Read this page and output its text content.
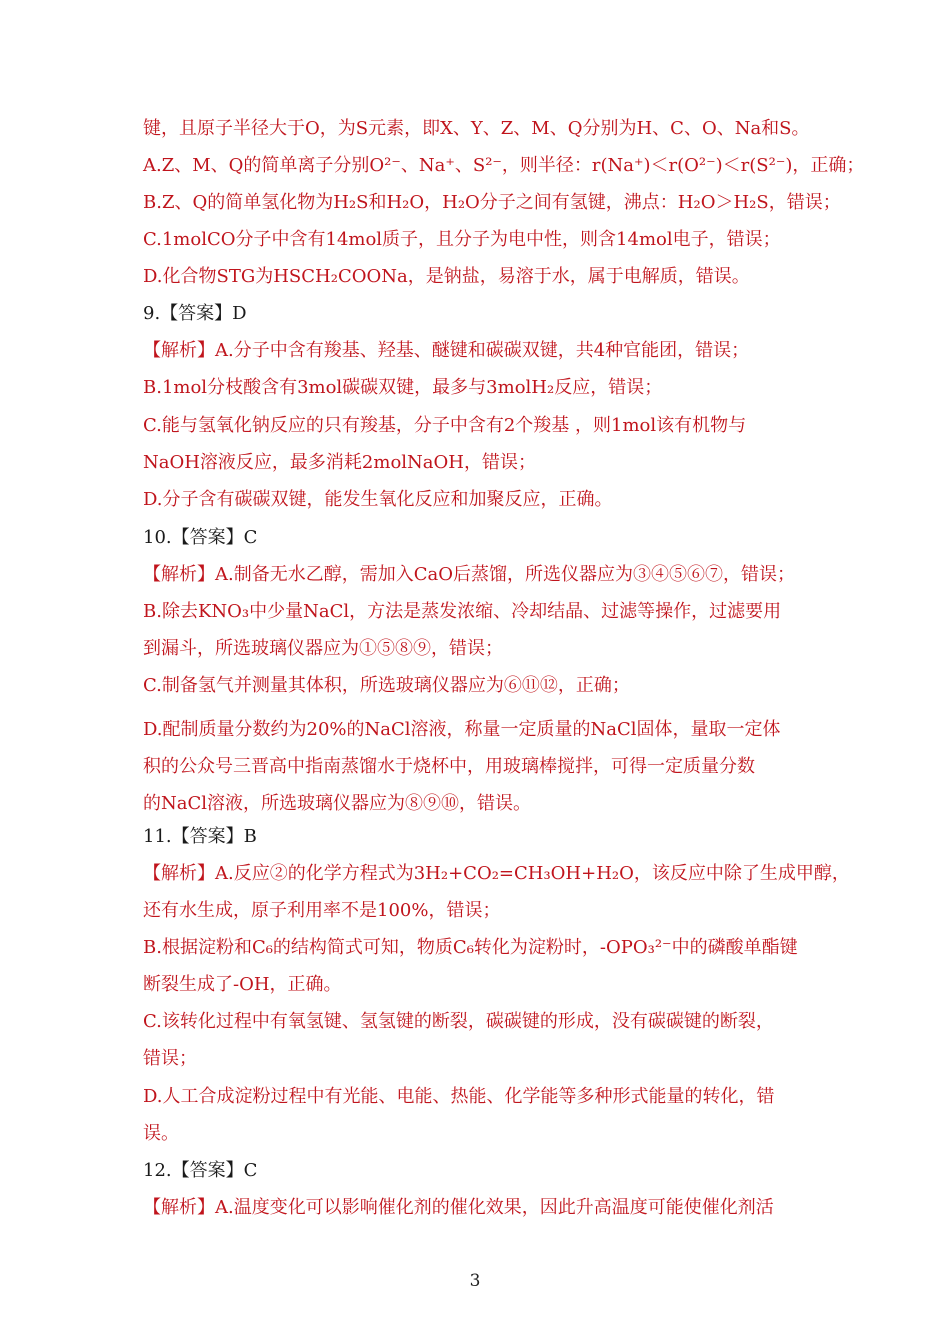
键，且原子半径大于O，为S元素，即X、Y、Z、M、Q分别为H、C、O、Na和S。
A.Z、M、Q的简单离子分别O²⁻、Na⁺、S²⁻，则半径：r(Na⁺)＜r(O²⁻)＜r(S²⁻)，正确；
B.Z、Q的简单氢化物为H₂S和H₂O，H₂O分子之间有氢键，沸点：H₂O＞H₂S，错误；
C.1molCO分子中含有14mol质子，且分子为电中性，则含14mol电子，错误；
D.化合物STG为HSCH₂COONa，是钠盐，易溶于水，属于电解质，错误。
9.【答案】D
【解析】A.分子中含有羧基、羟基、醚键和碳碳双键，共4种官能团，错误；
B.1mol分枝酸含有3mol碳碳双键，最多与3molH₂反应，错误；
C.能与氢氧化钠反应的只有羧基，分子中含有2个羧基 ，则1mol该有机物与
NaOH溶液反应，最多消耗2molNaOH，错误；
D.分子含有碳碳双键，能发生氧化反应和加聚反应，正确。
10.【答案】C
【解析】A.制备无水乙醇，需加入CaO后蒸馏，所选仪器应为③④⑤⑥⑦，错误；
B.除去KNO₃中少量NaCl，方法是蒸发浓缩、冷却结晶、过滤等操作，过滤要用
到漏斗，所选玻璃仪器应为①⑤⑧⑨，错误；
C.制备氢气并测量其体积，所选玻璃仪器应为⑥⑪⑫，正确；
D.配制质量分数约为20%的NaCl溶液，称量一定质量的NaCl固体，量取一定体
积的公众号三晋高中指南蒸馏水于烧杯中，用玻璃棒搅拌，可得一定质量分数
的NaCl溶液，所选玻璃仪器应为⑧⑨⑩，错误。
11.【答案】B
【解析】A.反应②的化学方程式为3H₂+CO₂=CH₃OH+H₂O，该反应中除了生成甲醇，
还有水生成，原子利用率不是100%，错误；
B.根据淀粉和C₆的结构简式可知，物质C₆转化为淀粉时，-OPO₃²⁻中的磷酸单酯键
断裂生成了-OH，正确。
C.该转化过程中有氧氢键、氢氢键的断裂，碳碳键的形成，没有碳碳键的断裂，
错误；
D.人工合成淀粉过程中有光能、电能、热能、化学能等多种形式能量的转化，错
误。
12.【答案】C
【解析】A.温度变化可以影响催化剂的催化效果，因此升高温度可能使催化剂活
3
